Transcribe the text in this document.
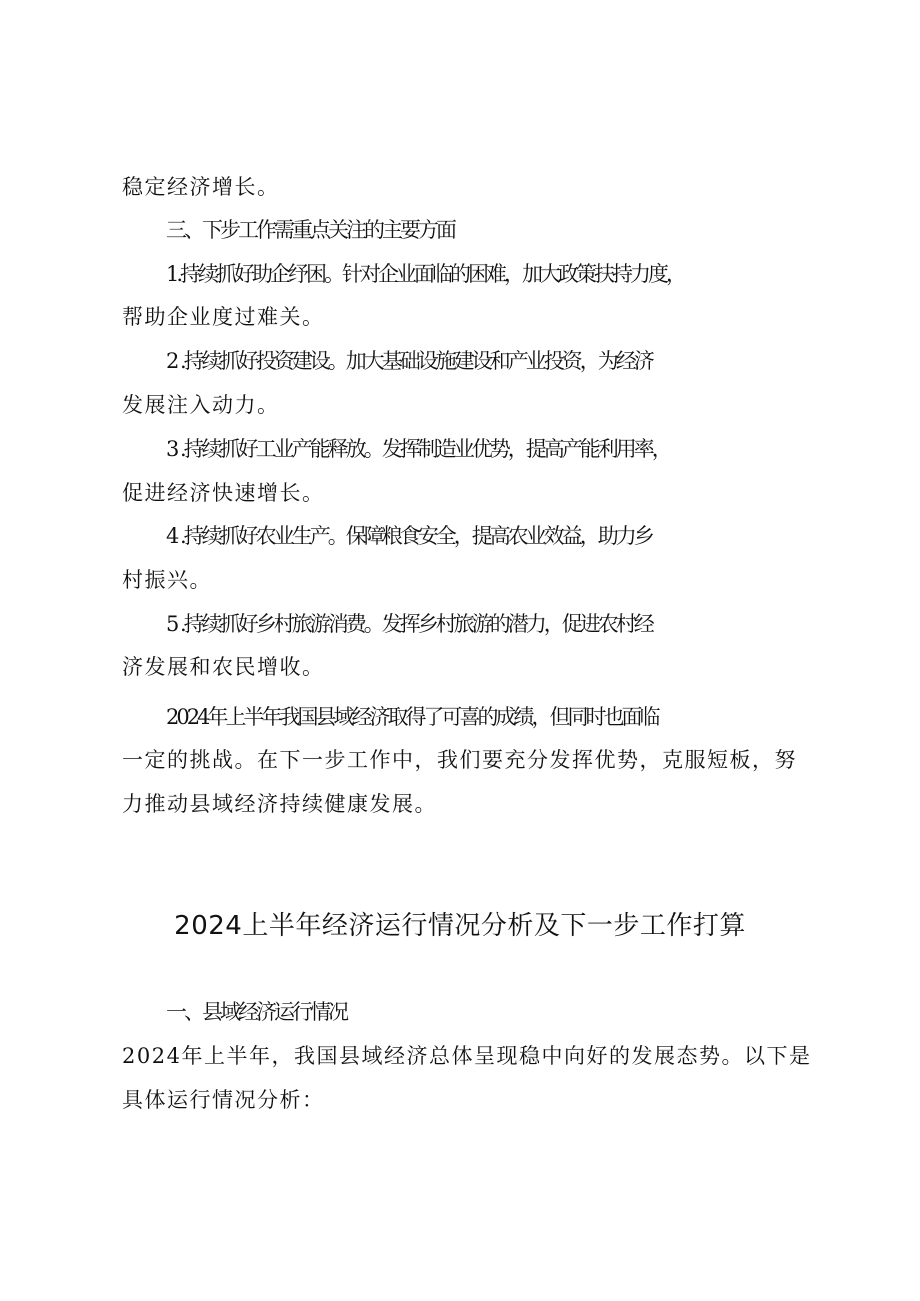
稳定经济增长。
三、下步工作需重点关注的主要方面
1.持续抓好助企纾困。针对企业面临的困难，加大政策扶持力度，
帮助企业度过难关。
2 .持续抓好投资建设。加大基础设施建设和产业投资，为经济
发展注入动力。
3 .持续抓好工业产能释放。发挥制造业优势，提高产能利用率，
促进经济快速增长。
4 .持续抓好农业生产。保障粮食安全，提高农业效益，助力乡
村振兴。
5 .持续抓好乡村旅游消费。发挥乡村旅游的潜力，促进农村经
济发展和农民增收。
2024年上半年我国县域经济取得了可喜的成绩，但同时也面临
一定的挑战。在下一步工作中，我们要充分发挥优势，克服短板，努
力推动县域经济持续健康发展。
2024上半年经济运行情况分析及下一步工作打算
一、县域经济运行情况
2024年上半年，我国县域经济总体呈现稳中向好的发展态势。以下是
具体运行情况分析：
